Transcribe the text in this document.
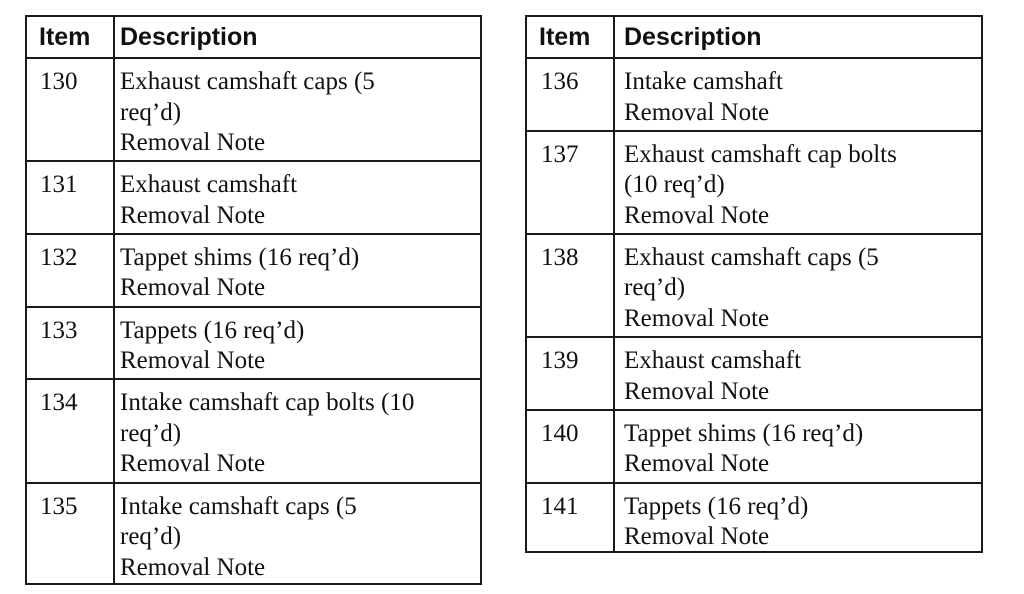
Item Description
130 Exhaust camshaft caps (5
req’d)
Removal Note
131 Exhaust camshaft
Removal Note
132 Tappet shims (16 req’d)
Removal Note
133 Tappets (16 req’d)
Removal Note
134 Intake camshaft cap bolts (10
req’d)
Removal Note
135 Intake camshaft caps (5
req’d)
Removal Note
Item Description
136 Intake camshaft
Removal Note
137 Exhaust camshaft cap bolts
(10 req’d)
Removal Note
138 Exhaust camshaft caps (5
req’d)
Removal Note
139 Exhaust camshaft
Removal Note
140 Tappet shims (16 req’d)
Removal Note
141 Tappets (16 req’d)
Removal Note
